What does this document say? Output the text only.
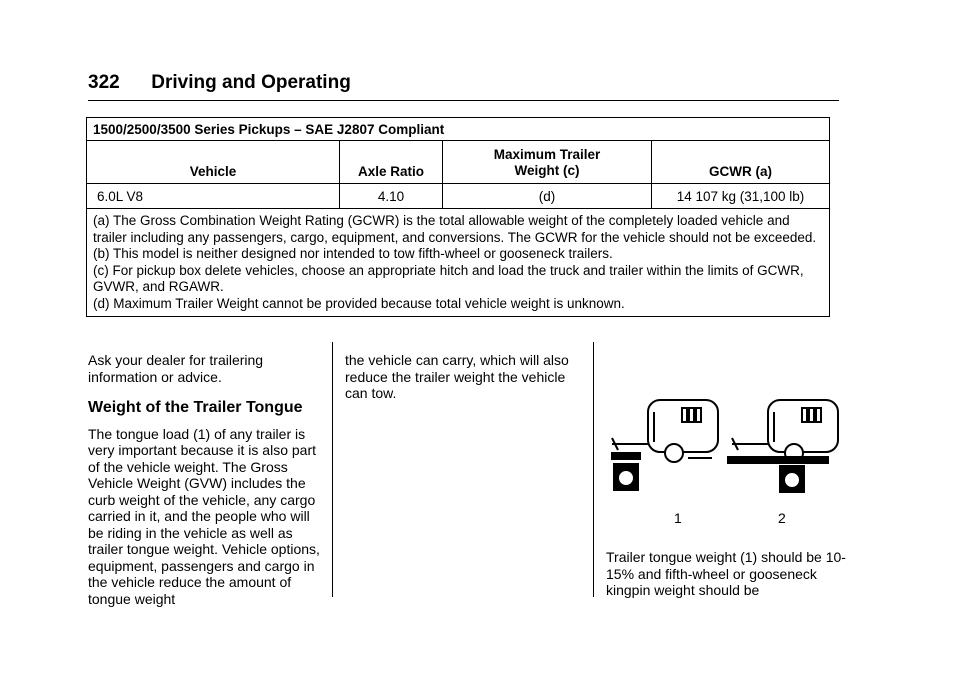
322 Driving and Operating
1500/2500/3500 Series Pickups – SAE J2807 Compliant			
Vehicle	Axle Ratio	Maximum Trailer Weight (c)	GCWR (a)
6.0L V8	4.10	(d)	14 107 kg (31,100 lb)

(a) The Gross Combination Weight Rating (GCWR) is the total allowable weight of the completely loaded vehicle and trailer including any passengers, cargo, equipment, and conversions. The GCWR for the vehicle should not be exceeded.
(b) This model is neither designed nor intended to tow fifth-wheel or gooseneck trailers.
(c) For pickup box delete vehicles, choose an appropriate hitch and load the truck and trailer within the limits of GCWR, GVWR, and RGAWR.
(d) Maximum Trailer Weight cannot be provided because total vehicle weight is unknown.			

Ask your dealer for trailering information or advice.

Weight of the Trailer Tongue

The tongue load (1) of any trailer is very important because it is also part of the vehicle weight. The Gross Vehicle Weight (GVW) includes the curb weight of the vehicle, any cargo carried in it, and the people who will be riding in the vehicle as well as trailer tongue weight. Vehicle options, equipment, passengers and cargo in the vehicle reduce the amount of tongue weight

the vehicle can carry, which will also reduce the trailer weight the vehicle can tow.

1	2

Trailer tongue weight (1) should be 10-15% and fifth-wheel or gooseneck kingpin weight should be
